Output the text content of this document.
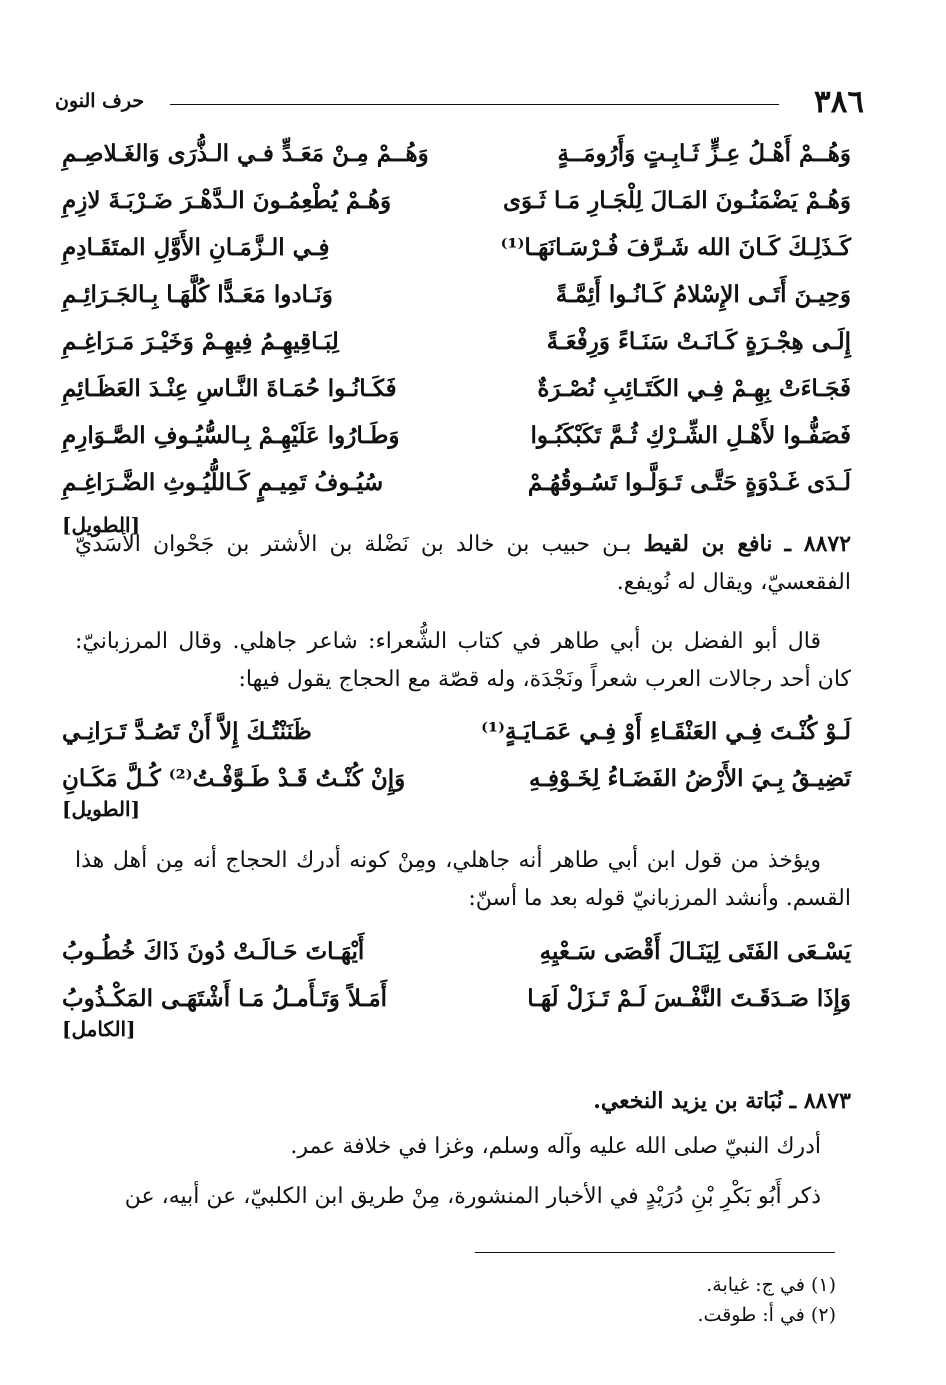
٣٨٦
حرف النون
وَهُــمْ أَهْـلُ عِـزٍّ ثَـابِـتٍ وَأَرُومَــةٍ
وَهُــمْ مِـنْ مَعَـدٍّ فـي الـذُّرَى وَالغَـلاصِـمِ
وَهُـمْ يَضْمَنُـونَ المَـالَ لِلْجَـارِ مَـا ثَـوَى
وَهُـمْ يُطْعِمُـونَ الـدَّهْـرَ ضَـرْبَـةَ لازِمِ
كَـذَلِـكَ كَـانَ الله شَـرَّفَ فُـرْسَـانَهَـا⁽¹⁾
فِـي الـزَّمَـانِ الأَوَّلِ المتَقَـادِمِ
وَحِيـنَ أَتَـى الإِسْلامُ كَـانُـوا أَئِمَّـةً
وَنَـادوا مَعَـدًّا كُلَّهَـا بِـالجَـرَائِـمِ
إِلَـى هِجْـرَةٍ كَـانَـتْ سَنَـاءً وَرِفْعَـةً
لِبَـاقِيهِـمُ فِيهِـمْ وَخَيْـرَ مَـرَاغِـمِ
فَجَـاءَتْ بِهِـمْ فِـي الكَتَـائِبِ نُصْـرَةٌ
فَكَـانُـوا حُمَـاةَ النَّـاسِ عِنْـدَ العَظَـائِمِ
فَصَفُّـوا لأَهْـلِ الشِّـرْكِ ثُـمَّ تَكَبْكَبُـوا
وَطَـارُوا عَلَيْهِـمْ بِـالسُّيُـوفِ الصَّـوَارِمِ
لَـدَى غَـدْوَةٍ حَتَّـى تَـوَلَّـوا تَسُـوقُهُـمْ
سُيُـوفُ تَمِيـمٍ كَـاللُّيُـوثِ الضَّـرَاغِـمِ
[الطويل]
٨٨٧٢ ـ نافع بن لقيط بـن حبيب بن خالد بن نَضْلة بن الأشتر بن جَحْوان الأسَديّ الفقعسيّ، ويقال له نُويفع.
قال أبو الفضل بن أبي طاهر في كتاب الشُّعراء: شاعر جاهلي. وقال المرزبانيّ: كان أحد رجالات العرب شعراً ونَجْدَة، وله قصّة مع الحجاج يقول فيها:
لَـوْ كُنْـتَ فِـي العَنْقَـاءِ أَوْ فِـي عَمَـايَـةٍ⁽¹⁾
ظَنَنْتُـكَ إِلاَّ أَنْ تَصُـدَّ تَـرَانِـي
تَضِيـقُ بِـيَ الأَرْضُ الفَضَـاءُ لِخَـوْفِـهِ
وَإِنْ كُنْـتُ قَـدْ طَـوَّفْـتُ⁽²⁾ كُـلَّ مَكَـانِ
[الطويل]
ويؤخذ من قول ابن أبي طاهر أنه جاهلي، ومِنْ كونه أدرك الحجاج أنه مِن أهل هذا القسم. وأنشد المرزبانيّ قوله بعد ما أسنّ:
يَسْـعَى الفَتَى لِيَنَـالَ أَقْصَى سَـعْيِهِ
أَيْهَـاتَ حَـالَـتْ دُونَ ذَاكَ خُطُـوبُ
وَإِذَا صَـدَقَـتَ النَّفْـسَ لَـمْ تَـزَلْ لَهَـا
أَمَـلاً وَتَـأَمـلُ مَـا أَشْتَهَـى المَكْـذُوبُ
[الكامل]
٨٨٧٣ ـ نُبَاتة بن يزيد النخعي.
أدرك النبيّ صلى الله عليه وآله وسلم، وغزا في خلافة عمر.
ذكر أَبُو بَكْرِ بْنِ دُرَيْدٍ في الأخبار المنشورة، مِنْ طريق ابن الكلبيّ، عن أبيه، عن
(١) في ج: غيابة.
(٢) في أ: طوقت.
